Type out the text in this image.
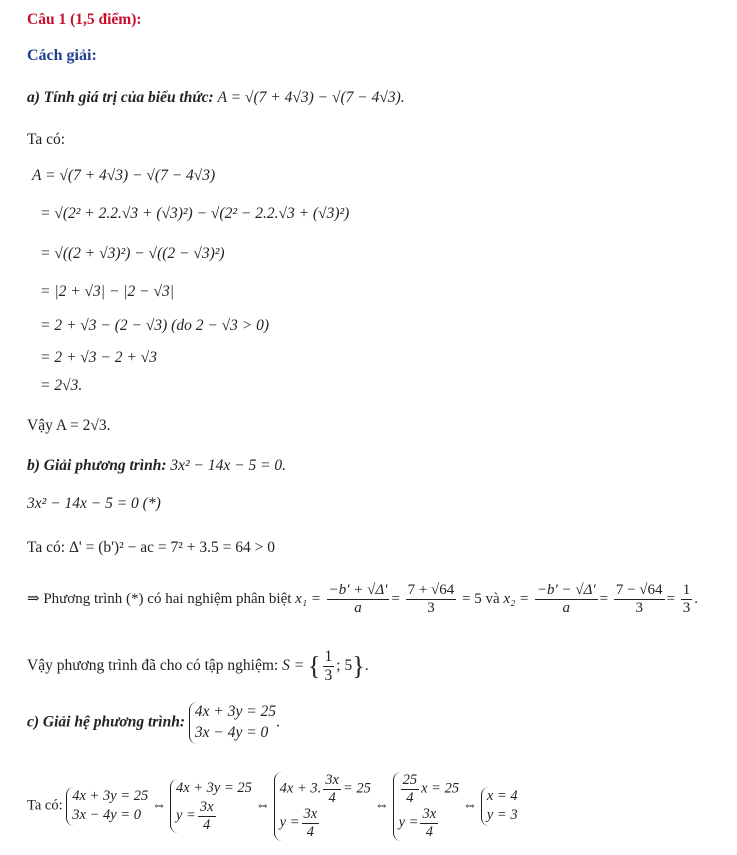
Câu 1 (1,5 điểm):
Cách giải:
a) Tính giá trị của biểu thức: A = √(7 + 4√3) − √(7 − 4√3).
Ta có:
A = √(7 + 4√3) − √(7 − 4√3)
= √(2² + 2.2.√3 + (√3)²) − √(2² − 2.2.√3 + (√3)²)
= √((2 + √3)²) − √((2 − √3)²)
= |2 + √3| − |2 − √3|
= 2 + √3 − (2 − √3) (do 2 − √3 > 0)
= 2 + √3 − 2 + √3
= 2√3.
Vậy A = 2√3.
b) Giải phương trình: 3x² − 14x − 5 = 0.
3x² − 14x − 5 = 0 (*)
Ta có: Δ' = (b')² − ac = 7² + 3.5 = 64 > 0
⇒ Phương trình (*) có hai nghiệm phân biệt $x_1 = \frac{-b' + √\Delta'}{a} = \frac{7 + √64}{3} = 5$ và $x_2 = \frac{-b' - √\Delta'}{a} = \frac{7 - √64}{3} = \frac{1}{3}$ .
Vậy phương trình đã cho có tập nghiệm: S = { $\frac{1}{3}$ ; 5}.
c) Giải hệ phương trình:
4x + 3y = 25
3x − 4y = 0
.
Ta có:
4x + 3y = 25
3x − 4y = 0
⇔
4x + 3y = 25
$y = \frac{3x}{4}$	⇔
4x + 3. $\frac{3x}{4} = 25$
$y = \frac{3x}{4}$
⇔ $\frac{25}{4}$ x = 25
$y = \frac{3x}{4}$
⇔
x = 4
y = 3
